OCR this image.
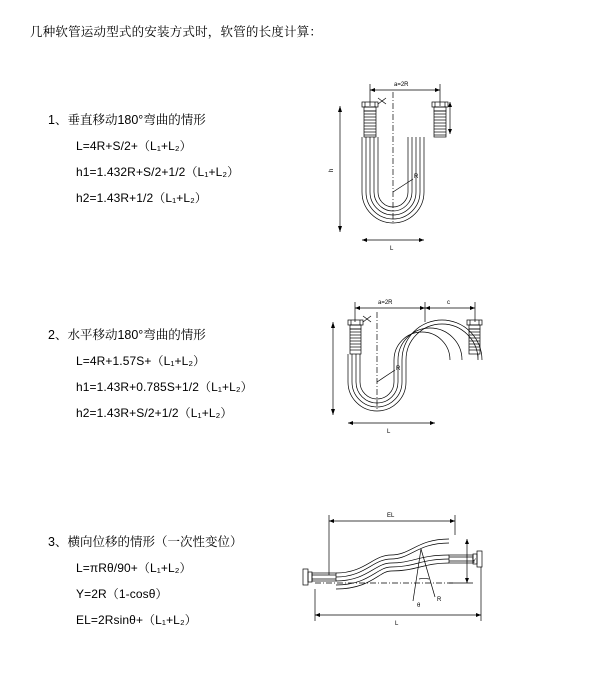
几种软管运动型式的安装方式时，软管的长度计算：
1、垂直移动180°弯曲的情形
L=4R+S/2+（L₁+L₂）
h1=1.432R+S/2+1/2（L₁+L₂）
h2=1.43R+1/2（L₁+L₂）
a=2R
h
R
L
2、水平移动180°弯曲的情形
L=4R+1.57S+（L₁+L₂）
h1=1.43R+0.785S+1/2（L₁+L₂）
h2=1.43R+S/2+1/2（L₁+L₂）
a=2R	c
R
L
3、横向位移的情形（一次性变位）
L=πRθ/90+（L₁+L₂）
Y=2R（1-cosθ）
EL=2Rsinθ+（L₁+L₂）
EL
Y
θ
R
L
